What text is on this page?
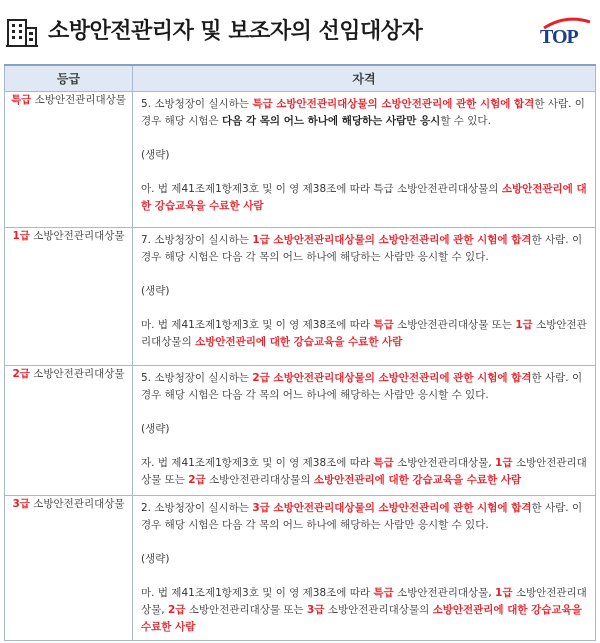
소방안전관리자 및 보조자의 선임대상자	TOP
등급	자격
특급 소방안전관리대상물	5. 소방청장이 실시하는 특급 소방안전관리대상물의 소방안전관리에 관한 시험에 합격한 사람. 이 경우 해당 시험은 다음 각 목의 어느 하나에 해당하는 사람만 응시할 수 있다.

(생략)

아. 법 제41조제1항제3호 및 이 영 제38조에 따라 특급 소방안전관리대상물의 소방안전관리에 대한 강습교육을 수료한 사람

1급 소방안전관리대상물	7. 소방청장이 실시하는 1급 소방안전관리대상물의 소방안전관리에 관한 시험에 합격한 사람. 이 경우 해당 시험은 다음 각 목의 어느 하나에 해당하는 사람만 응시할 수 있다.

(생략)

마. 법 제41조제1항제3호 및 이 영 제38조에 따라 특급 소방안전관리대상물 또는 1급 소방안전관리대상물의 소방안전관리에 대한 강습교육을 수료한 사람

2급 소방안전관리대상물	5. 소방청장이 실시하는 2급 소방안전관리대상물의 소방안전관리에 관한 시험에 합격한 사람. 이 경우 해당 시험은 다음 각 목의 어느 하나에 해당하는 사람만 응시할 수 있다.

(생략)

자. 법 제41조제1항제3호 및 이 영 제38조에 따라 특급 소방안전관리대상물, 1급 소방안전관리대상물 또는 2급 소방안전관리대상물의 소방안전관리에 대한 강습교육을 수료한 사람

3급 소방안전관리대상물	2. 소방청장이 실시하는 3급 소방안전관리대상물의 소방안전관리에 관한 시험에 합격한 사람. 이 경우 해당 시험은 다음 각 목의 어느 하나에 해당하는 사람만 응시할 수 있다.

(생략)

마. 법 제41조제1항제3호 및 이 영 제38조에 따라 특급 소방안전관리대상물, 1급 소방안전관리대상물, 2급 소방안전관리대상물 또는 3급 소방안전관리대상물의 소방안전관리에 대한 강습교육을 수료한 사람
